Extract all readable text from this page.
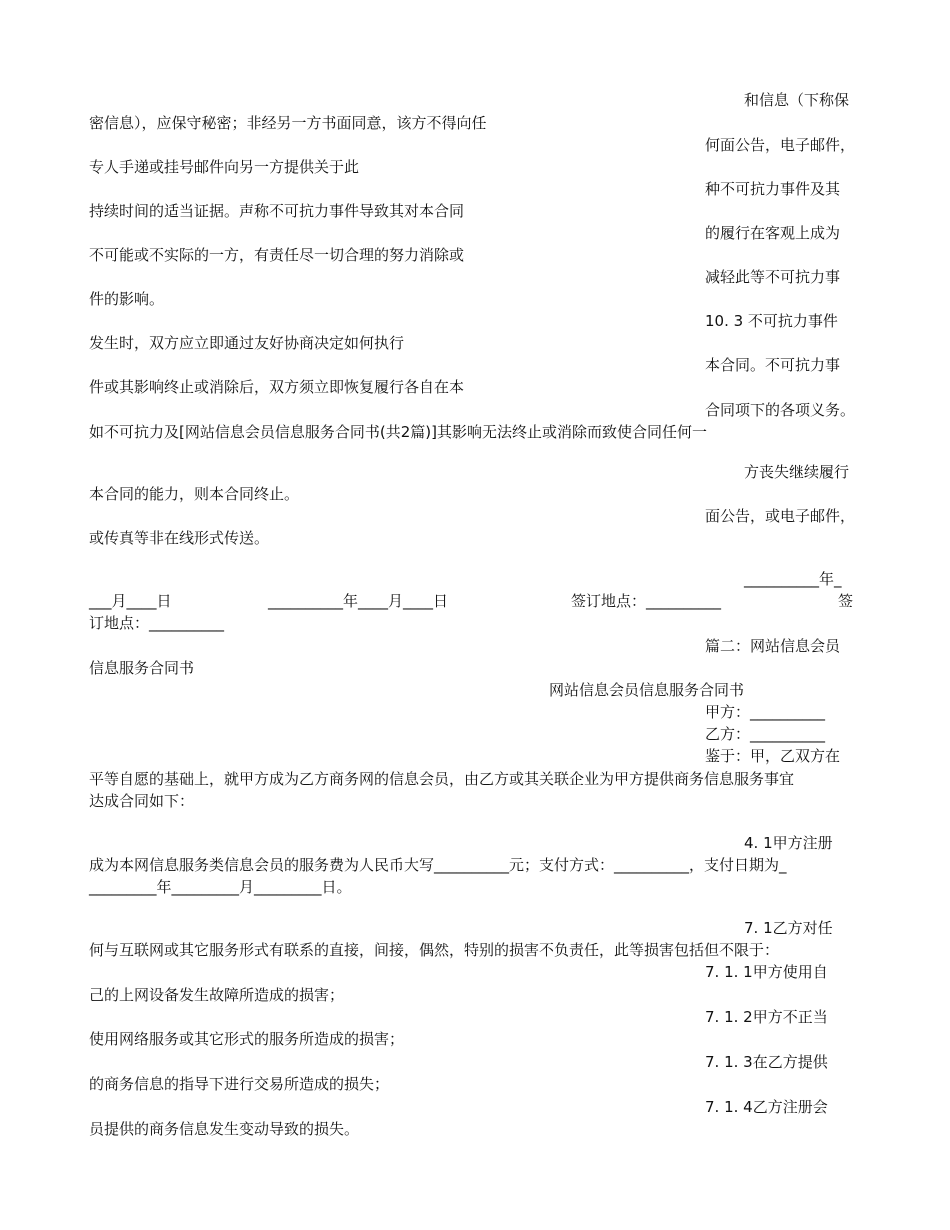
和信息（下称保
密信息），应保守秘密；非经另一方书面同意，该方不得向任
何面公告，电子邮件，
专人手递或挂号邮件向另一方提供关于此
种不可抗力事件及其
持续时间的适当证据。声称不可抗力事件导致其对本合同
的履行在客观上成为
不可能或不实际的一方，有责任尽一切合理的努力消除或
减轻此等不可抗力事
件的影响。
10. 3 不可抗力事件
发生时，双方应立即通过友好协商决定如何执行
本合同。不可抗力事
件或其影响终止或消除后，双方须立即恢复履行各自在本
合同项下的各项义务。
如不可抗力及[网站信息会员信息服务合同书(共2篇)]其影响无法终止或消除而致使合同任何一
方丧失继续履行
本合同的能力，则本合同终止。
面公告，或电子邮件，
或传真等非在线形式传送。
__________年_
___月____日	__________年____月____日	签订地点：__________	签
订地点：__________
篇二：网站信息会员
信息服务合同书
网站信息会员信息服务合同书
甲方：__________
乙方：__________
鉴于：甲，乙双方在
平等自愿的基础上，就甲方成为乙方商务网的信息会员，由乙方或其关联企业为甲方提供商务信息服务事宜
达成合同如下：
4. 1甲方注册
成为本网信息服务类信息会员的服务费为人民币大写__________元；支付方式：__________，支付日期为_
_________年_________月_________日。
7. 1乙方对任
何与互联网或其它服务形式有联系的直接，间接，偶然，特别的损害不负责任，此等损害包括但不限于：
7. 1. 1甲方使用自
己的上网设备发生故障所造成的损害；
7. 1. 2甲方不正当
使用网络服务或其它形式的服务所造成的损害；
7. 1. 3在乙方提供
的商务信息的指导下进行交易所造成的损失；
7. 1. 4乙方注册会
员提供的商务信息发生变动导致的损失。
